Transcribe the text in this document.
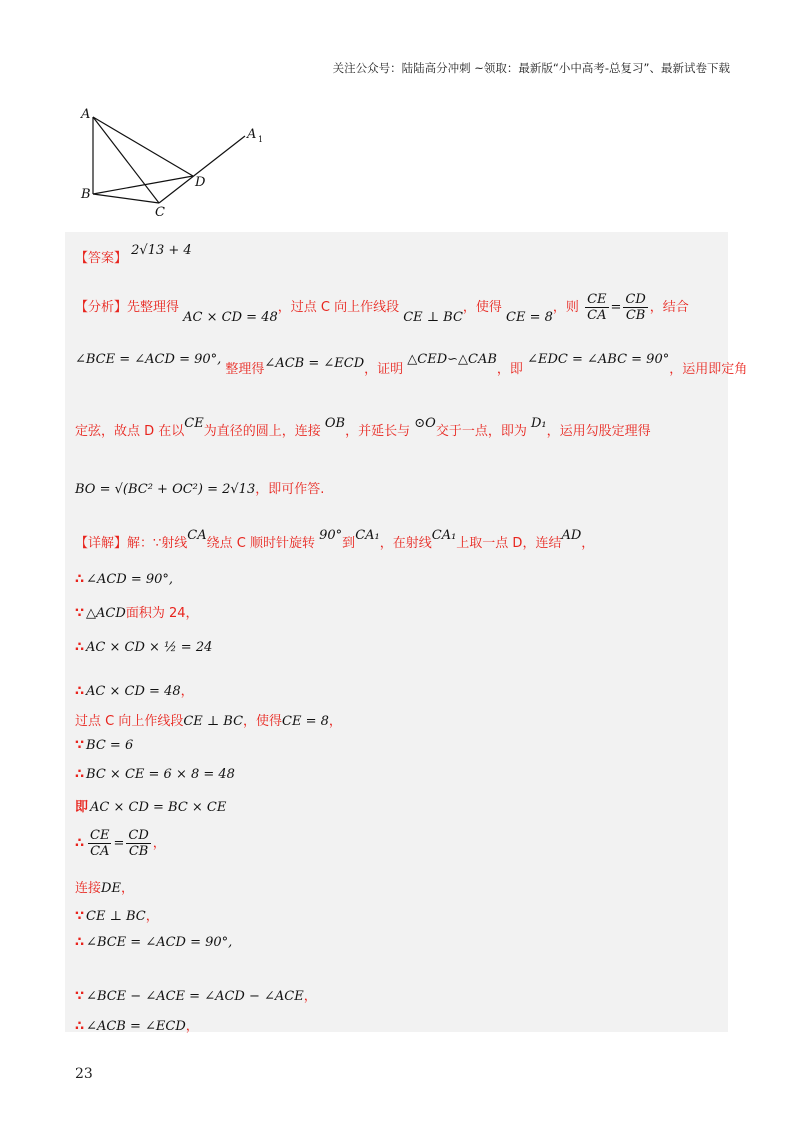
关注公众号：陆陆高分冲刺 ~领取：最新版“小中高考-总复习”、最新试卷下载
A
A 1
B
C
D
【答案】 2√13 + 4
【分析】先整理得 AC × CD = 48，过点 C 向上作线段 CE ⊥ BC，使得 CE = 8，则 $\frac{CE}{CA} = \frac{CD}{CB}$ ，结合
∠BCE = ∠ACD = 90°, 整理得∠ACB = ∠ECD，证明 △CED∽△CAB，即 ∠EDC = ∠ABC = 90°，运用即定角
定弦，故点 D 在以CE为直径的圆上，连接 OB，并延长与 ⊙O交于一点，即为 D₁，运用勾股定理得
BO = √(BC² + OC²) = 2√13，即可作答.
【详解】解：∵射线CA绕点 C 顺时针旋转 90°到CA₁，在射线CA₁上取一点 D，连结AD，
∴ ∠ACD = 90°,
∵ △ACD面积为 24，
∴ AC × CD × ½ = 24
∴ AC × CD = 48，
过点 C 向上作线段CE ⊥ BC，使得CE = 8，
∵ BC = 6
∴ BC × CE = 6 × 8 = 48
即 AC × CD = BC × CE
∴ $\frac{CE}{CA} = \frac{CD}{CB}$ ，
连接DE，
∵ CE ⊥ BC，
∴ ∠BCE = ∠ACD = 90°,
∵ ∠BCE − ∠ACE = ∠ACD − ∠ACE，
∴ ∠ACB = ∠ECD，
23
